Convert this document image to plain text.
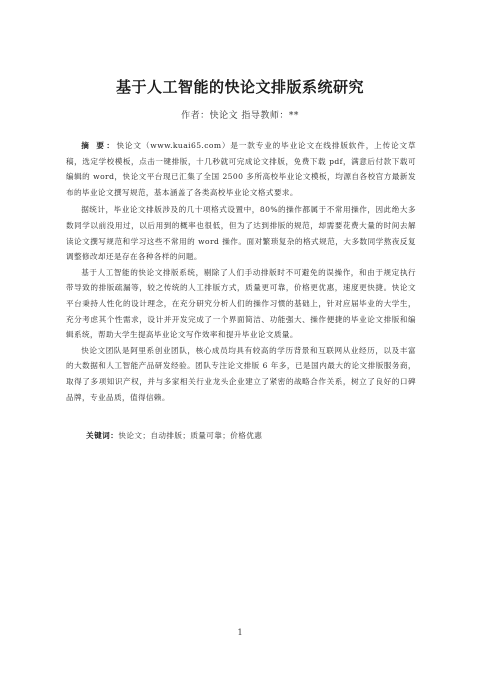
基于人工智能的快论文排版系统研究
作者：快论文 指导教师：**

摘 要：快论文（www.kuai65.com）是一款专业的毕业论文在线排版软件，上传论文草稿，选定学校模板，点击一键排版，十几秒就可完成论文排版，免费下载 pdf，满意后付款下载可编辑的 word，快论文平台现已汇集了全国 2500 多所高校毕业论文模板，均源自各校官方最新发布的毕业论文撰写规范，基本涵盖了各类高校毕业论文格式要求。

据统计，毕业论文排版涉及的几十项格式设置中，80%的操作都属于不常用操作，因此绝大多数同学以前没用过，以后用到的概率也很低，但为了达到排版的规范，却需要花费大量的时间去解读论文撰写规范和学习这些不常用的 word 操作。面对繁琐复杂的格式规范，大多数同学熬夜反复调整修改却还是存在各种各样的问题。

基于人工智能的快论文排版系统，剔除了人们手动排版时不可避免的误操作，和由于规定执行带导致的排版疏漏等，较之传统的人工排版方式，质量更可靠，价格更优惠，速度更快捷。快论文平台秉持人性化的设计理念，在充分研究分析人们的操作习惯的基础上，针对应届毕业的大学生，充分考虑其个性需求，设计并开发完成了一个界面简洁、功能强大、操作便捷的毕业论文排版和编辑系统，帮助大学生提高毕业论文写作效率和提升毕业论文质量。

快论文团队是阿里系创业团队，核心成员均具有较高的学历背景和互联网从业经历，以及丰富的大数据和人工智能产品研发经验。团队专注论文排版 6 年多，已是国内最大的论文排版服务商，取得了多项知识产权，并与多家相关行业龙头企业建立了紧密的战略合作关系，树立了良好的口碑品牌，专业品质，值得信赖。

关键词：快论文；自动排版；质量可靠；价格优惠
1
